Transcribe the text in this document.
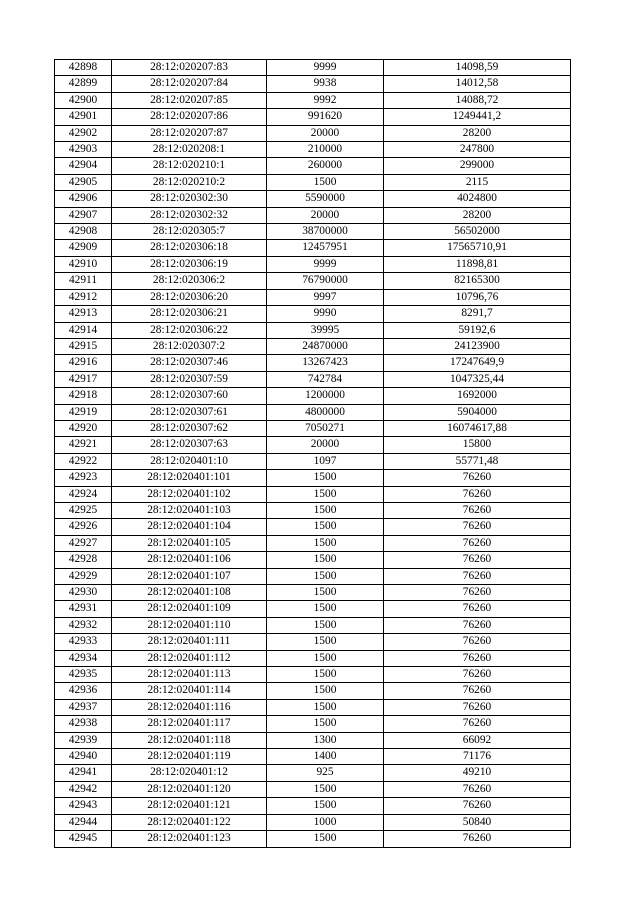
42898	28:12:020207:83	9999	14098,59
42899	28:12:020207:84	9938	14012,58
42900	28:12:020207:85	9992	14088,72
42901	28:12:020207:86	991620	1249441,2
42902	28:12:020207:87	20000	28200
42903	28:12:020208:1	210000	247800
42904	28:12:020210:1	260000	299000
42905	28:12:020210:2	1500	2115
42906	28:12:020302:30	5590000	4024800
42907	28:12:020302:32	20000	28200
42908	28:12:020305:7	38700000	56502000
42909	28:12:020306:18	12457951	17565710,91
42910	28:12:020306:19	9999	11898,81
42911	28:12:020306:2	76790000	82165300
42912	28:12:020306:20	9997	10796,76
42913	28:12:020306:21	9990	8291,7
42914	28:12:020306:22	39995	59192,6
42915	28:12:020307:2	24870000	24123900
42916	28:12:020307:46	13267423	17247649,9
42917	28:12:020307:59	742784	1047325,44
42918	28:12:020307:60	1200000	1692000
42919	28:12:020307:61	4800000	5904000
42920	28:12:020307:62	7050271	16074617,88
42921	28:12:020307:63	20000	15800
42922	28:12:020401:10	1097	55771,48
42923	28:12:020401:101	1500	76260
42924	28:12:020401:102	1500	76260
42925	28:12:020401:103	1500	76260
42926	28:12:020401:104	1500	76260
42927	28:12:020401:105	1500	76260
42928	28:12:020401:106	1500	76260
42929	28:12:020401:107	1500	76260
42930	28:12:020401:108	1500	76260
42931	28:12:020401:109	1500	76260
42932	28:12:020401:110	1500	76260
42933	28:12:020401:111	1500	76260
42934	28:12:020401:112	1500	76260
42935	28:12:020401:113	1500	76260
42936	28:12:020401:114	1500	76260
42937	28:12:020401:116	1500	76260
42938	28:12:020401:117	1500	76260
42939	28:12:020401:118	1300	66092
42940	28:12:020401:119	1400	71176
42941	28:12:020401:12	925	49210
42942	28:12:020401:120	1500	76260
42943	28:12:020401:121	1500	76260
42944	28:12:020401:122	1000	50840
42945	28:12:020401:123	1500	76260
